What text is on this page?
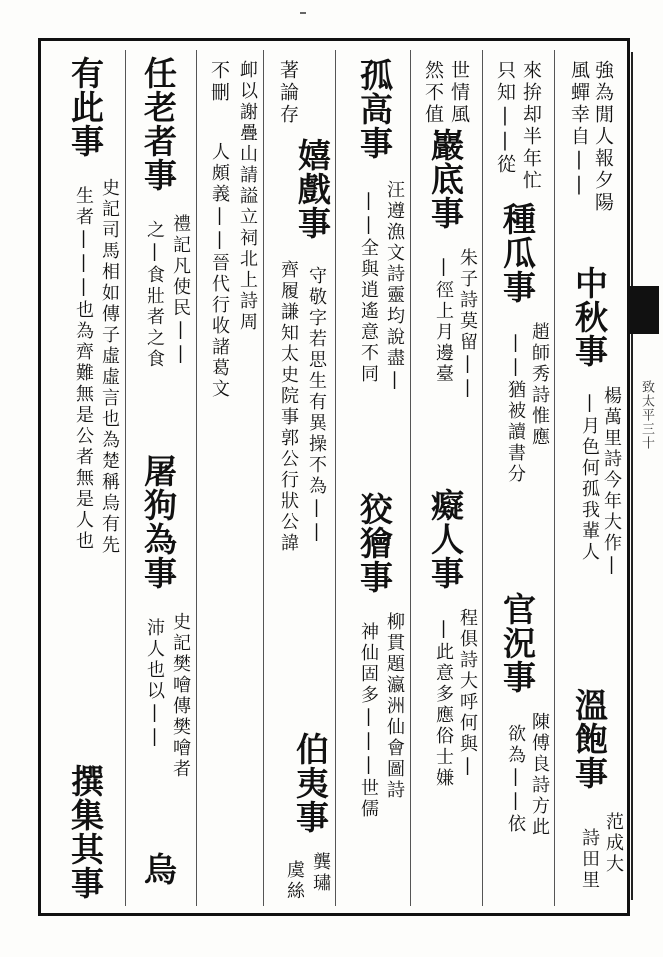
風蟬幸自|| 強為閒人報夕陽
中秋事
楊萬里詩今年大作|
|月色何孤我輩人
溫飽事
范成大
詩田里
只知||從 來拚却半年忙
種瓜事
趙師秀詩惟應
||猶被讀書分
官況事
陳傅良詩方此
欲為||依
然不值 世情風
巖底事
朱子詩莫留||
|徑上月邊臺
癡人事
程俱詩大呼何與|
|此意多應俗士嫌
孤高事
汪遵漁文詩靈均說盡|
||全與逍遙意不同
狡獪事
柳貫題瀛洲仙會圖詩
神仙固多|||世儒
著論存
嬉戲事
齊履謙知太史院事郭公行狀公諱 守敬字若思生有異操不為||
伯夷事
龔璛
虞絲
不刪 卹以謝疊山請謚立祠北上詩周
人頗義||晉代行收諸葛文
任老者事
禮記凡使民||
之|食壯者之食
屠狗為事
史記樊噲傳樊噲者
沛人也以||
烏
有此事
史記司馬相如傳子虛虛言也為楚稱烏有先
生者|||也為齊難無是公者無是人也
撰集其事
致太平三十
